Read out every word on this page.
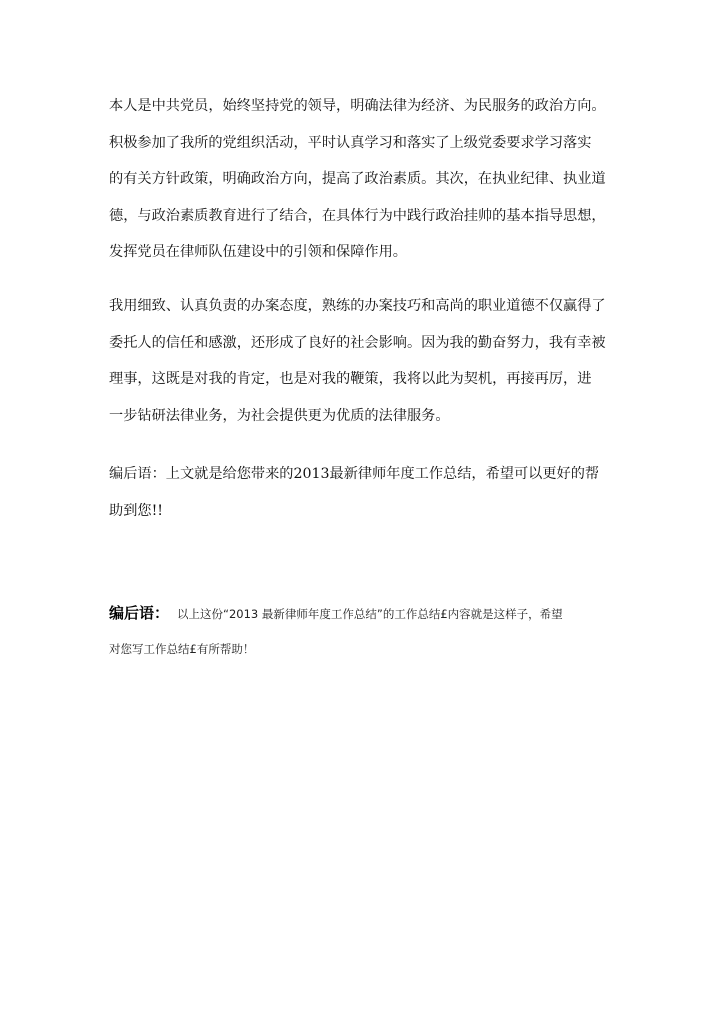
本人是中共党员，始终坚持党的领导，明确法律为经济、为民服务的政治方向。
积极参加了我所的党组织活动，平时认真学习和落实了上级党委要求学习落实
的有关方针政策，明确政治方向，提高了政治素质。其次，在执业纪律、执业道
德，与政治素质教育进行了结合，在具体行为中践行政治挂帅的基本指导思想，
发挥党员在律师队伍建设中的引领和保障作用。
我用细致、认真负责的办案态度，熟练的办案技巧和高尚的职业道德不仅赢得了
委托人的信任和感激，还形成了良好的社会影响。因为我的勤奋努力，我有幸被
理事，这既是对我的肯定，也是对我的鞭策，我将以此为契机，再接再厉，进
一步钻研法律业务，为社会提供更为优质的法律服务。
编后语：上文就是给您带来的2013最新律师年度工作总结，希望可以更好的帮
助到您!!
编后语： 以上这份“2013 最新律师年度工作总结”的工作总结£内容就是这样子，希望
对您写工作总结£有所帮助！
